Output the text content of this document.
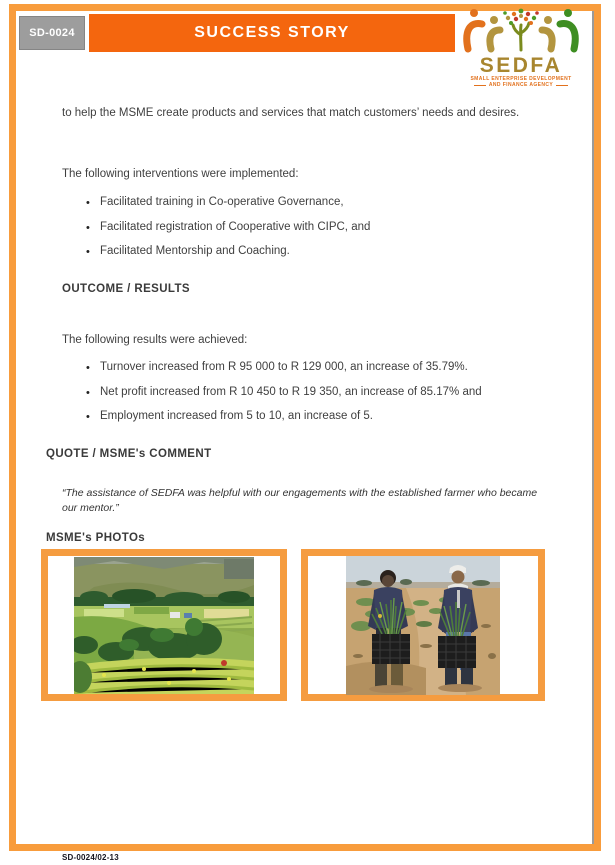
SD-0024	SUCCESS STORY
SEDFA
SMALL ENTERPRISE DEVELOPMENT
AND FINANCE AGENCY

to help the MSME create products and services that match customers’ needs and desires.

The following interventions were implemented:

• Facilitated training in Co-operative Governance,
• Facilitated registration of Cooperative with CIPC, and
• Facilitated Mentorship and Coaching.
OUTCOME / RESULTS

The following results were achieved:

• Turnover increased from R 95 000 to R 129 000, an increase of 35.79%.
• Net profit increased from R 10 450 to R 19 350, an increase of 85.17% and
• Employment increased from 5 to 10, an increase of 5.
QUOTE / MSME's COMMENT
“The assistance of SEDFA was helpful with our engagements with the established farmer who became our mentor.”
MSME's PHOTOs
SD-0024/02-13
